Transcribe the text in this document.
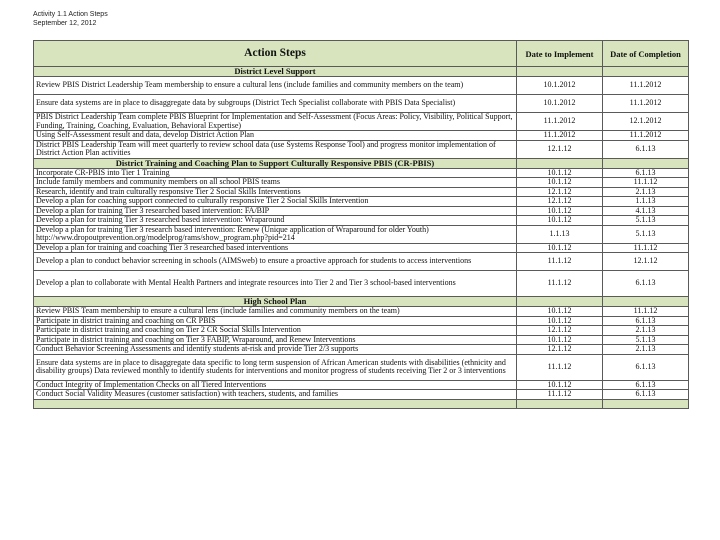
Activity 1.1 Action Steps
September 12, 2012
Action Steps	Date to Implement	Date of Completion
District Level Support		
Review PBIS District Leadership Team membership to ensure a cultural lens (include families and community members on the team)	10.1.2012	11.1.2012
Ensure data systems are in place to disaggregate data by subgroups (District Tech Specialist collaborate with PBIS Data Specialist)	10.1.2012	11.1.2012
PBIS District Leadership Team complete PBIS Blueprint for Implementation and Self-Assessment (Focus Areas: Policy, Visibility, Political Support, Funding, Training, Coaching, Evaluation, Behavioral Expertise)	11.1.2012	12.1.2012
Using Self-Assessment result and data, develop District Action Plan	11.1.2012	11.1.2012
District PBIS Leadership Team will meet quarterly to review school data (use Systems Response Tool) and progress monitor implementation of District Action Plan activities	12.1.12	6.1.13
District Training and Coaching Plan to Support Culturally Responsive PBIS (CR-PBIS)		
Incorporate CR-PBIS into Tier 1 Training	10.1.12	6.1.13
Include family members and community members on all school PBIS teams	10.1.12	11.1.12
Research, identify and train culturally responsive Tier 2 Social Skills Interventions	12.1.12	2.1.13
Develop a plan for coaching support connected to culturally responsive Tier 2 Social Skills Intervention	12.1.12	1.1.13
Develop a plan for training Tier 3 researched based intervention: FA/BIP	10.1.12	4.1.13
Develop a plan for training Tier 3 researched based intervention: Wraparound	10.1.12	5.1.13
Develop a plan for training Tier 3 research based intervention: Renew (Unique application of Wraparound for older Youth) http://www.dropoutprevention.org/modelprog/rams/show_program.php?pid=214	1.1.13	5.1.13
Develop a plan for training and coaching Tier 3 researched based interventions	10.1.12	11.1.12
Develop a plan to conduct behavior screening in schools (AIMSweb) to ensure a proactive approach for students to access interventions	11.1.12	12.1.12
Develop a plan to collaborate with Mental Health Partners and integrate resources into Tier 2 and Tier 3 school-based interventions	11.1.12	6.1.13
High School Plan		
Review PBIS Team membership to ensure a cultural lens (include families and community members on the team)	10.1.12	11.1.12
Participate in district training and coaching on CR PBIS	10.1.12	6.1.13
Participate in district training and coaching on Tier 2 CR Social Skills Intervention	12.1.12	2.1.13
Participate in district training and coaching on Tier 3 FABIP, Wraparound, and Renew Interventions	10.1.12	5.1.13
Conduct Behavior Screening Assessments and identify students at-risk and provide Tier 2/3 supports	12.1.12	2.1.13
Ensure data systems are in place to disaggregate data specific to long term suspension of African American students with disabilities (ethnicity and disability groups) Data reviewed monthly to identify students for interventions and monitor progress of students receiving Tier 2 or 3 interventions	11.1.12	6.1.13
Conduct Integrity of Implementation Checks on all Tiered Interventions	10.1.12	6.1.13
Conduct Social Validity Measures (customer satisfaction) with teachers, students, and families	11.1.12	6.1.13
